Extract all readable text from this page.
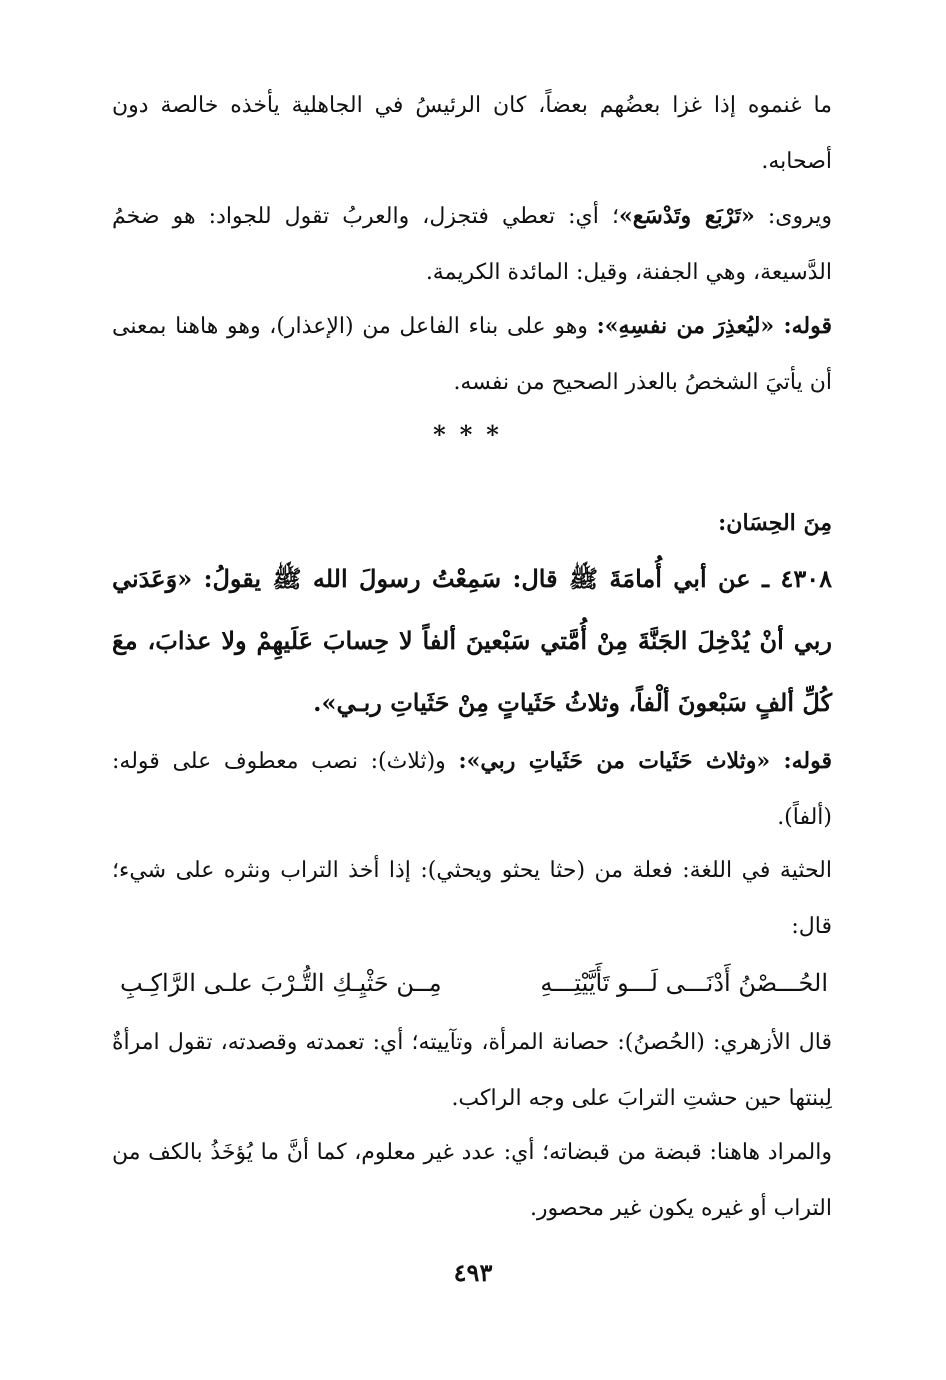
ما غنموه إذا غزا بعضُهم بعضاً، كان الرئيسُ في الجاهلية يأخذه خالصة دون أصحابه.

ويروى: «تَرْبَع وتَدْسَع»؛ أي: تعطي فتجزل، والعربُ تقول للجواد: هو ضخمُ الدَّسيعة، وهي الجفنة، وقيل: المائدة الكريمة.

قوله: «ليُعذِرَ من نفسِهِ»: وهو على بناء الفاعل من (الإعذار)، وهو هاهنا بمعنى أن يأتيَ الشخصُ بالعذر الصحيح من نفسه.

***

مِنَ الحِسَان:

٤٣٠٨ ـ عن أبي أُمامَةَ ﷺ قال: سَمِعْتُ رسولَ الله ﷺ يقولُ: «وَعَدَني ربي أنْ يُدْخِلَ الجَنَّةَ مِنْ أُمَّتي سَبْعينَ ألفاً لا حِسابَ عَلَيهِمْ ولا عذابَ، معَ كُلِّ ألفٍ سَبْعونَ ألْفاً، وثلاثُ حَثَياتٍ مِنْ حَثَياتِ ربـي».

قوله: «وثلاث حَثَيات من حَثَياتِ ربي»: و(ثلاث): نصب معطوف على قوله: (ألفاً).

الحثية في اللغة: فعلة من (حثا يحثو ويحثي): إذا أخذ التراب ونثره على شيء؛ قال:

الحُـــصْنُ أَدْنَـــى لَـــو تَأَيَّيْتِـــهِ
مِــن حَثْيِـكِ التُّـرْبَ علـى الرَّاكِـبِ

قال الأزهري: (الحُصنُ): حصانة المرأة، وتآييته؛ أي: تعمدته وقصدته، تقول امرأةٌ لِبنتها حين حشتِ الترابَ على وجه الراكب.

والمراد هاهنا: قبضة من قبضاته؛ أي: عدد غير معلوم، كما أنَّ ما يُؤخَذُ بالكف من التراب أو غيره يكون غير محصور.

٤٩٣
